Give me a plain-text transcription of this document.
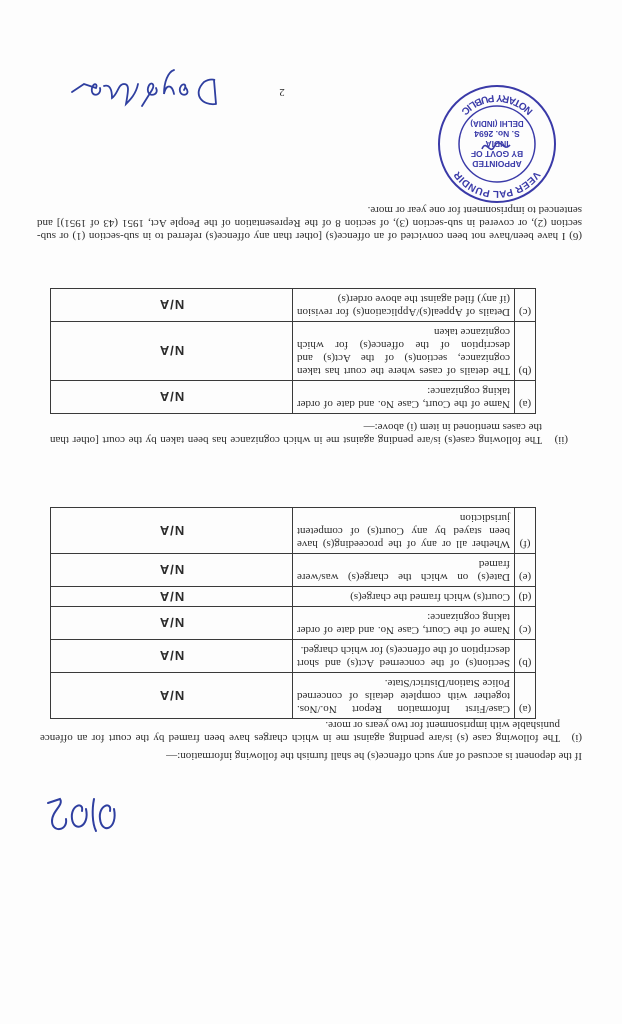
If the deponent is accused of any such offence(s) he shall furnish the following information:—
(i)
The following case (s) is/are pending against me in which charges have been framed by the court for an offence punishable with imprisonment for two years or more.
(a)	Case/First Information Report No./Nos. together with complete details of concerned Police Station/District/State.	N/A
(b)	Section(s) of the concerned Act(s) and short description of the offence(s) for which charged.	N/A
(c)	Name of the Court, Case No. and date of order taking cognizance:	N/A
(d)	Court(s) which framed the charge(s)	N/A
(e)	Date(s) on which the charge(s) was/were framed	N/A
(f)	Whether all or any of the proceeding(s) have been stayed by any Court(s) of competent jurisdiction	N/A
(ii)
The following case(s) is/are pending against me in which cognizance has been taken by the court [other than the cases mentioned in item (i) above:—
(a)	Name of the Court, Case No. and date of order taking cognizance:	N/A
(b)	The details of cases where the court has taken cognizance, section(s) of the Act(s) and description of the offence(s) for which cognizance taken	N/A
(c)	Details of Appeal(s)/Application(s) for revision (if any) filed against the above order(s)	N/A
(6) I have been/have not been convicted of an offence(s) [other than any offence(s) referred to in sub-section (1) or sub-section (2), or covered in sub-section (3), of section 8 of the Representation of the People Act, 1951 (43 of 1951)] and sentenced to imprisonment for one year or more.
VEER PAL PUNDIR
NOTARY PUBLIC
APPOINTED
BY GOVT OF
INDIA
S. No. 2694
DELHI (INDIA)
2
